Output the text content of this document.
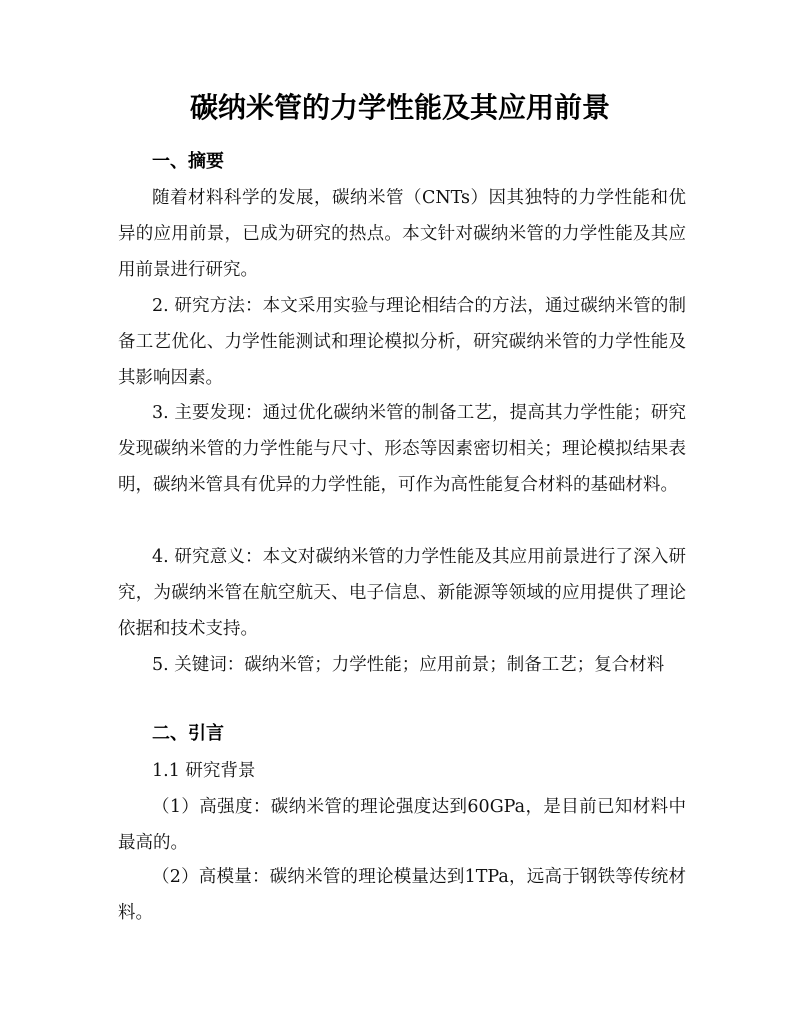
碳纳米管的力学性能及其应用前景
一、摘要
随着材料科学的发展，碳纳米管（CNTs）因其独特的力学性能和优异的应用前景，已成为研究的热点。本文针对碳纳米管的力学性能及其应用前景进行研究。
2. 研究方法：本文采用实验与理论相结合的方法，通过碳纳米管的制备工艺优化、力学性能测试和理论模拟分析，研究碳纳米管的力学性能及其影响因素。
3. 主要发现：通过优化碳纳米管的制备工艺，提高其力学性能；研究发现碳纳米管的力学性能与尺寸、形态等因素密切相关；理论模拟结果表明，碳纳米管具有优异的力学性能，可作为高性能复合材料的基础材料。
4. 研究意义：本文对碳纳米管的力学性能及其应用前景进行了深入研究，为碳纳米管在航空航天、电子信息、新能源等领域的应用提供了理论依据和技术支持。
5. 关键词：碳纳米管；力学性能；应用前景；制备工艺；复合材料
二、引言
1.1 研究背景
（1）高强度：碳纳米管的理论强度达到60GPa，是目前已知材料中最高的。
（2）高模量：碳纳米管的理论模量达到1TPa，远高于钢铁等传统材料。
